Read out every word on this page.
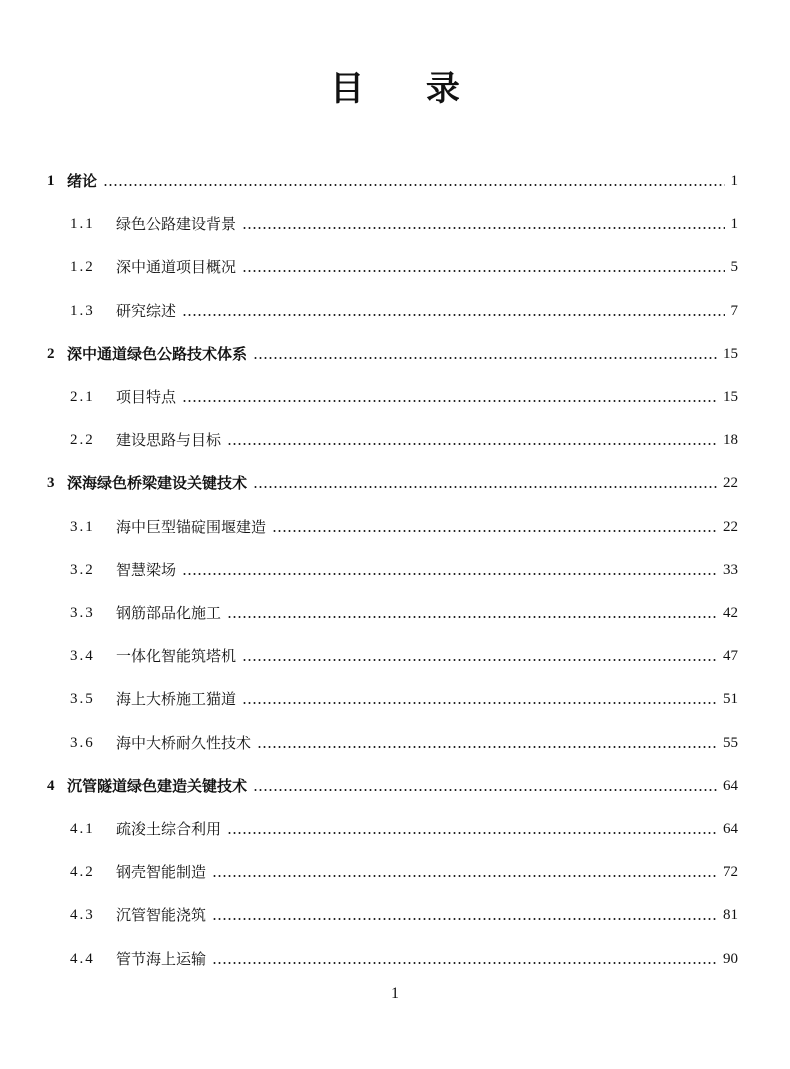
目 录
1 绪论	1
1.1	绿色公路建设背景	1
1.2	深中通道项目概况	5
1.3	研究综述	7
2 深中通道绿色公路技术体系	15
2.1	项目特点	15
2.2	建设思路与目标	18
3 深海绿色桥梁建设关键技术	22
3.1	海中巨型锚碇围堰建造	22
3.2	智慧梁场	33
3.3	钢筋部品化施工	42
3.4	一体化智能筑塔机	47
3.5	海上大桥施工猫道	51
3.6	海中大桥耐久性技术	55
4 沉管隧道绿色建造关键技术	64
4.1	疏浚土综合利用	64
4.2	钢壳智能制造	72
4.3	沉管智能浇筑	81
4.4	管节海上运输	90
1
